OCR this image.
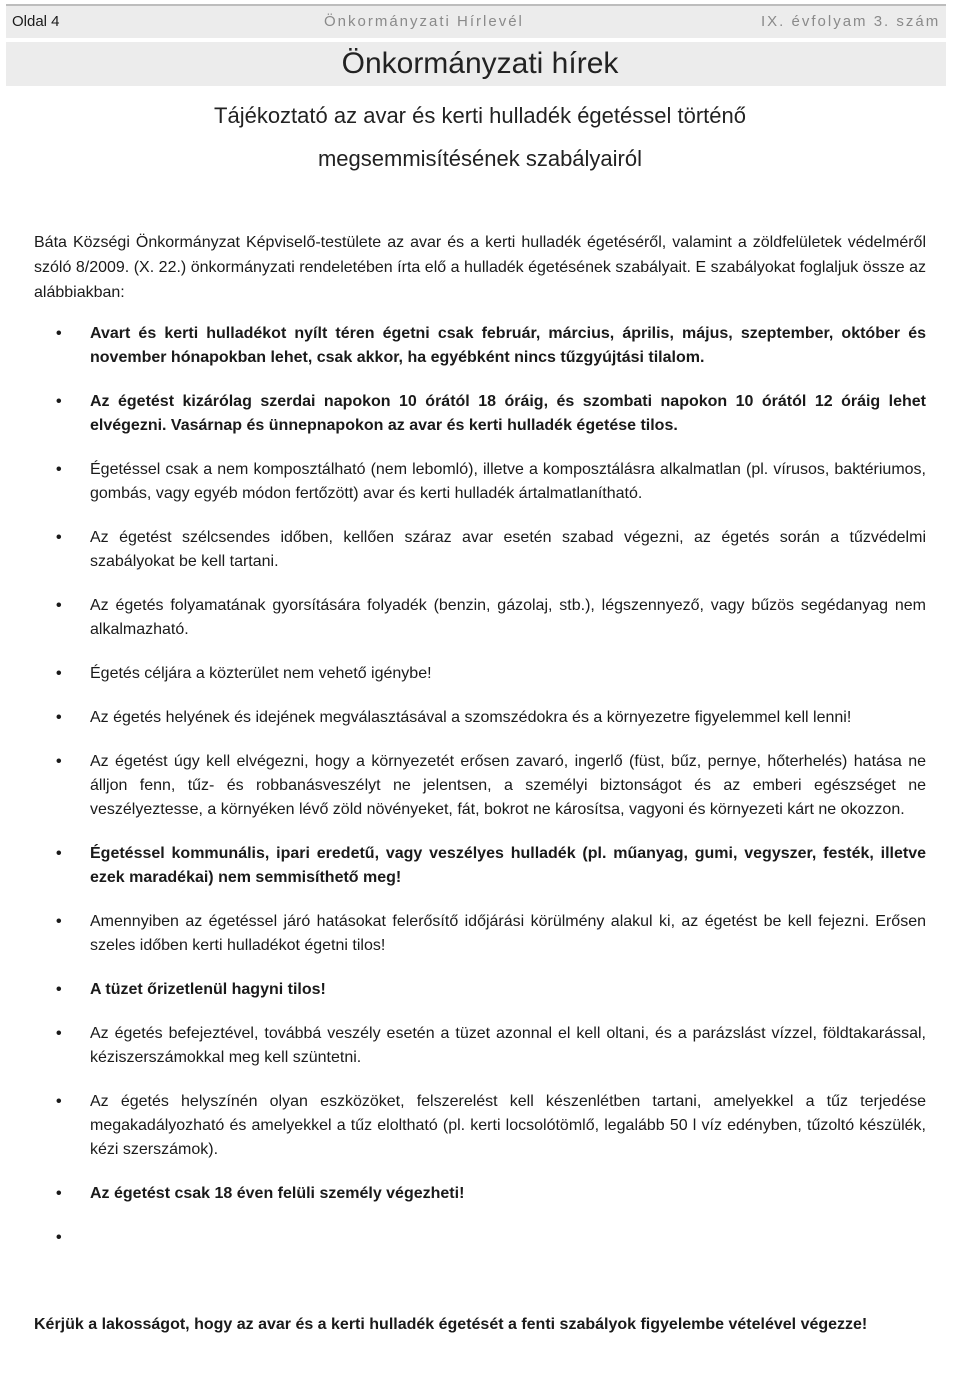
Oldal 4	Önkormányzati Hírlevél	IX. évfolyam 3. szám
Önkormányzati hírek
Tájékoztató az avar és kerti hulladék égetéssel történő
megsemmisítésének szabályairól

Báta Községi Önkormányzat Képviselő-testülete az avar és a kerti hulladék égetéséről, valamint a zöldfelületek védelméről szóló 8/2009. (X. 22.) önkormányzati rendeletében írta elő a hulladék égetésének szabályait. E szabályokat foglaljuk össze az alábbiakban:

• Avart és kerti hulladékot nyílt téren égetni csak február, március, április, május, szeptember, október és november hónapokban lehet, csak akkor, ha egyébként nincs tűzgyújtási tilalom.
• Az égetést kizárólag szerdai napokon 10 órától 18 óráig, és szombati napokon 10 órától 12 óráig lehet elvégezni. Vasárnap és ünnepnapokon az avar és kerti hulladék égetése tilos.
• Égetéssel csak a nem komposztálható (nem lebomló), illetve a komposztálásra alkalmatlan (pl. vírusos, baktériumos, gombás, vagy egyéb módon fertőzött) avar és kerti hulladék ártalmatlanítható.
• Az égetést szélcsendes időben, kellően száraz avar esetén szabad végezni, az égetés során a tűzvédelmi szabályokat be kell tartani.
• Az égetés folyamatának gyorsítására folyadék (benzin, gázolaj, stb.), légszennyező, vagy bűzös segédanyag nem alkalmazható.
• Égetés céljára a közterület nem vehető igénybe!
• Az égetés helyének és idejének megválasztásával a szomszédokra és a környezetre figyelemmel kell lenni!
• Az égetést úgy kell elvégezni, hogy a környezetét erősen zavaró, ingerlő (füst, bűz, pernye, hőterhelés) hatása ne álljon fenn, tűz- és robbanásveszélyt ne jelentsen, a személyi biztonságot és az emberi egészséget ne veszélyeztesse, a környéken lévő zöld növényeket, fát, bokrot ne károsítsa, vagyoni és környezeti kárt ne okozzon.
• Égetéssel kommunális, ipari eredetű, vagy veszélyes hulladék (pl. műanyag, gumi, vegyszer, festék, illetve ezek maradékai) nem semmisíthető meg!
• Amennyiben az égetéssel járó hatásokat felerősítő időjárási körülmény alakul ki, az égetést be kell fejezni. Erősen szeles időben kerti hulladékot égetni tilos!
• A tüzet őrizetlenül hagyni tilos!
• Az égetés befejeztével, továbbá veszély esetén a tüzet azonnal el kell oltani, és a parázslást vízzel, földtakarással, kéziszerszámokkal meg kell szüntetni.
• Az égetés helyszínén olyan eszközöket, felszerelést kell készenlétben tartani, amelyekkel a tűz terjedése megakadályozható és amelyekkel a tűz eloltható (pl. kerti locsolótömlő, legalább 50 l víz edényben, tűzoltó készülék, kézi szerszámok).
• Az égetést csak 18 éven felüli személy végezheti!
•

Kérjük a lakosságot, hogy az avar és a kerti hulladék égetését a fenti szabályok figyelembe vételével végezze!
